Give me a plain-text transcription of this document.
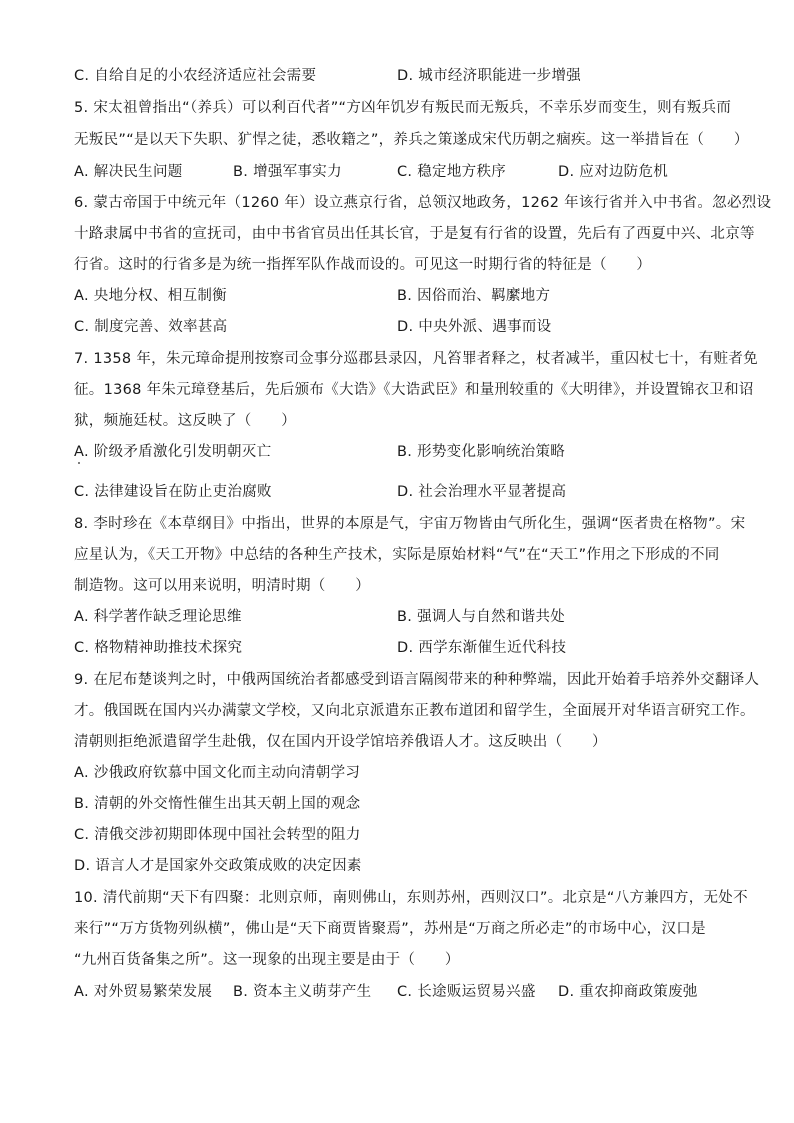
C. 自给自足的小农经济适应社会需要	D. 城市经济职能进一步增强
5. 宋太祖曾指出“（养兵）可以利百代者”“方凶年饥岁有叛民而无叛兵，不幸乐岁而变生，则有叛兵而
无叛民”“是以天下失职、犷悍之徒，悉收籍之”，养兵之策遂成宋代历朝之痼疾。这一举措旨在（　　）
A. 解决民生问题	B. 增强军事实力	C. 稳定地方秩序	D. 应对边防危机
6. 蒙古帝国于中统元年（1260 年）设立燕京行省，总领汉地政务，1262 年该行省并入中书省。忽必烈设
十路隶属中书省的宣抚司，由中书省官员出任其长官，于是复有行省的设置，先后有了西夏中兴、北京等
行省。这时的行省多是为统一指挥军队作战而设的。可见这一时期行省的特征是（　　）
A. 央地分权、相互制衡	B. 因俗而治、羁縻地方
C. 制度完善、效率甚高	D. 中央外派、遇事而设
7. 1358 年，朱元璋命提刑按察司佥事分巡郡县录囚，凡笞罪者释之，杖者减半，重囚杖七十，有赃者免
征。1368 年朱元璋登基后，先后颁布《大诰》《大诰武臣》和量刑较重的《大明律》，并设置锦衣卫和诏
狱，频施廷杖。这反映了（　　）
A. 阶级矛盾激化引发明朝灭亡	B. 形势变化影响统治策略
C. 法律建设旨在防止吏治腐败	D. 社会治理水平显著提高
8. 李时珍在《本草纲目》中指出，世界的本原是气，宇宙万物皆由气所化生，强调“医者贵在格物”。宋
应星认为，《天工开物》中总结的各种生产技术，实际是原始材料“气”在“天工”作用之下形成的不同
制造物。这可以用来说明，明清时期（　　）
A. 科学著作缺乏理论思维	B. 强调人与自然和谐共处
C. 格物精神助推技术探究	D. 西学东渐催生近代科技
9. 在尼布楚谈判之时，中俄两国统治者都感受到语言隔阂带来的种种弊端，因此开始着手培养外交翻译人
才。俄国既在国内兴办满蒙文学校，又向北京派遣东正教布道团和留学生，全面展开对华语言研究工作。
清朝则拒绝派遣留学生赴俄，仅在国内开设学馆培养俄语人才。这反映出（　　）
A. 沙俄政府钦慕中国文化而主动向清朝学习
B. 清朝的外交惰性催生出其天朝上国的观念
C. 清俄交涉初期即体现中国社会转型的阻力
D. 语言人才是国家外交政策成败的决定因素
10. 清代前期“天下有四聚：北则京师，南则佛山，东则苏州，西则汉口”。北京是“八方兼四方，无处不
来行”“万方货物列纵横”，佛山是“天下商贾皆聚焉”，苏州是“万商之所必走”的市场中心，汉口是
“九州百货备集之所”。这一现象的出现主要是由于（　　）
A. 对外贸易繁荣发展 B. 资本主义萌芽产生 C. 长途贩运贸易兴盛 D. 重农抑商政策废弛
